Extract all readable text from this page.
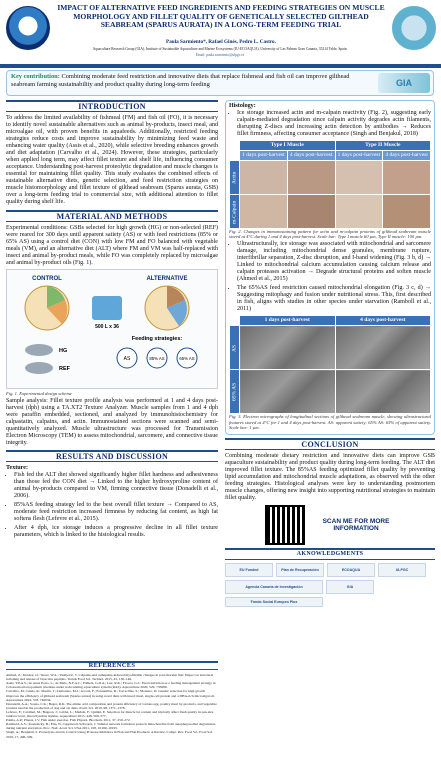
IMPACT OF ALTERNATIVE FEED INGREDIENTS AND FEEDING STRATEGIES ON MUSCLE MORPHOLOGY AND FILLET QUALITY OF GENETICALLY SELECTED GILTHEAD SEABREAM (SPARUS AURATA) IN A LONG-TERM FEEDING TRIAL
Paula Sarmiento*, Rafael Ginés, Pedro L. Castro.
Aquaculture Research Group (GIA), Institute of Sustainable Aquaculture and Marine Ecosystems (IU-ECOAQUA), University of Las Palmas Gran Canaria, 35214 Telde, Spain.
Email: paula.sarmiento@ulpgc.es
Key contribution: Combining moderate feed restriction and innovative diets that replace fishmeal and fish oil can improve gilthead seabream farming sustainability and product quality during long-term feeding	GIA
INTRODUCTION

To address the limited availability of fishmeal (FM) and fish oil (FO), it is necessary to identify novel sustainable alternatives such as animal by-products, insect meal, and microalgae oil, with proven benefits in aquafeeds. Additionally, restricted feeding strategies reduce costs and improve sustainability by minimizing feed waste and enhancing water quality (Assis et al., 2020), while selective breeding enhances growth and diet adaptation (Carvalho et al., 2024). However, these strategies, particularly when applied long term, may affect fillet texture and shelf life, influencing consumer acceptance. Understanding post-harvest proteolytic degradation and muscle changes is essential for maintaining fillet quality. This study evaluates the combined effects of sustainable alternative diets, genetic selection, and feed restriction strategies on muscle histomorphology and fillet texture of gilthead seabream (Sparus aurata, GSB) over a long-term feeding trial to commercial size, with additional attention to fillet quality during shelf life.

MATERIAL AND METHODS

Experimental conditions: GSBs selected for high growth (HG) or non-selected (REF) were reared for 300 days until apparent satiety (AS) or with feed restrictions (85% or 65% AS) using a control diet (CON) with low FM and FO balanced with vegetable meals (VM), and an alternative diet (ALT) where FM and VM was half-replaced with insect and animal by-product meals, while FO was completely replaced by microalgae and animal by-product oils (Fig. 1).

CONTROL	ALTERNATIVE
500 L x 36
HG
REF
Feeding strategies:
AS	85% AS	65% AS
Fig. 1. Experimental design scheme

Sample analysis: Fillet texture profile analysis was performed at 1 and 4 days post-harvest (dph) using a TA.XT2 Texture Analyzer. Muscle samples from 1 and 4 dph were paraffin embedded, sectioned, and analyzed by immunohistochemistry for calpastatin, calpains, and actin. Immunostained sections were scanned and semi-quantitatively analyzed. Muscle ultrastructure was processed for Transmission Electron Microscopy (TEM) to assess mitochondrial, sarcomere, and connective tissue integrity.

RESULTS AND DISCUSSION
Texture:
• Fish fed the ALT diet showed significantly higher fillet hardness and adhesiveness than those fed the CON diet → Linked to the higher hydroxyproline content of animal by-products compared to VM, firming connective tissue (Donadelli et al., 2006).
• 85%AS feeding strategy led to the best overall fillet texture → Compared to AS, moderate feed restriction increased firmness by reducing fat content, as high fat softens flesh (Lefevre et al., 2015).
• After 4 dph, ice storage induces a progressive decline in all fillet texture parameters, which is linked to the histological results.
REFERENCES
Ahmed, Z.; Donkor, O.; Street, W.A.; Vasiljevic, T. Calpains-and cathepsins-induced myofibrillar changes in post-mortem fish: Impact on structural softening and release of bioactive peptides. Trends Food Sci. Technol. 2015, 45, 130–146.
Assis, Y.P.A.S.; de Assis Porto, L.; de Melo, N.F.A.C.; Palheta, G.D.A.; Luz, R.K.; Favero, G.C. Feed restriction as a feeding management strategy in Colossoma macropomum juveniles under recirculating aquaculture system (RAS). Aquaculture 2020, 529, 735689.
Carvalho, M.; Ginés, R.; Martín, I.; Zamorano, M.J.; Acosta, F.; Fontanillas, R.; Torrecillas, S.; Montero, D. Genetic selection for high growth improves the efficiency of gilthead seabream (Sparus aurata) in using novel diets with insect meal, single-cell protein and a DHA-rich microalgal oil. Aquaculture 2024, 578, 740034.
Donadelli, A.A.; Souza, C.K.; Beger, R.K. The amino acid composition and protein efficiency of various egg, poultry meal by-products, and vegetable proteins used in the production of dog and cat diets. Poult. Sci. 2019, 98, 1371–1378.
Lefevre, F.; Cardinal, M.; Bugeon, J.; Labbé, L.; Médale, F.; Quillet, E. Selection for muscle fat content and triploidy affect flesh quality in pan-size rainbow trout, Oncorhynchus mykiss. Aquaculture 2015, 448, 569–577.
Palma, A.P.; Planas, J.V. Fish under exercise. Fish Physiol. Biochem. 2011, 37, 259–272.
Rambold, A.S.; Kostelecky, B.; Elia, N.; Lippincott-Schwartz, J. Tubular network formation protects mitochondria from autophagosomal degradation during nutrient starvation. Proc. Natl. Acad. Sci. USA 2011, 108, 10190–10195.
Singh, A.; Benjakul, S. Proteolysis and Its Control Using Protease Inhibitors in Fish and Fish Products: A Review. Compr. Rev. Food Sci. Food Saf. 2018, 17, 496–509.
Histology:
• Ice storage increased actin and m-calpain reactivity (Fig. 2), suggesting early calpain-mediated degradation since calpain activity degrades actin filaments, disrupting Z-discs and increasing actin detection by antibodies → Reduces fillet firmness, affecting consumer acceptance (Singh and Benjakul, 2018)
	Type I Muscle		Type II Muscle	
	1 days post-harvest	4 days post-harvest	1 days post-harvest	4 days post-harvest
Actin				
m-Calpain				
Fig. 2. Changes in immunostaining pattern for actin and m-calpain proteins of gilthead seabream muscle stored at 4°C during 1 and 4 days post-harvest. Scale bar: Type I muscle 60 µm, Type II muscle: 100 µm.
• Ultrastructurally, ice storage was associated with mitochondrial and sarcomere damage, including mitochondrial dense granules, membrane rupture, interfibrillar separation, Z-disc disruption, and I-band widening (Fig. 3 b, d) → Linked to mitochondrial calcium accumulation causing calcium release and calpain proteases activation → Degrade structural proteins and soften muscle (Ahmed et al., 2015)
• The 65%AS feed restriction caused mitochondrial elongation (Fig. 3 c, d) → Suggesting mitophagy and fusion under nutritional stress. This, first described in fish, aligns with studies in other species under starvation (Ramboll et al., 2011)
	1 days post-harvest	4 days post-harvest
AS		
65% AS		
Fig. 3. Electron micrographs of longitudinal sections of gilthead seabream muscle, showing ultrastructural features stored at 4°C for 1 and 4 days post-harvest. AS: apparent satiety; 65% AS: 65% of apparent satiety. Scale bar: 1 µm.
CONCLUSION

Combining moderate dietary restriction and innovative diets can improve GSB aquaculture sustainability and product quality during long-term feeding. The ALT diet improved fillet texture. The 85%AS feeding optimized fillet quality by preventing lipid accumulation and mitochondrial muscle adaptations, as observed with the other feeding strategies. Histological analyses were key to understanding postmortem muscle changes, offering new insight into supporting nutritional strategies to maintain fillet quality.

SCAN ME FOR MORE INFORMATION
AKNOWLEDGMENTS
EU Funded	Plan de Recuperación	ECOAQUA	ULPGC
Agencia Canaria de Investigación	GIA
Fondo Social Europeo Plus
